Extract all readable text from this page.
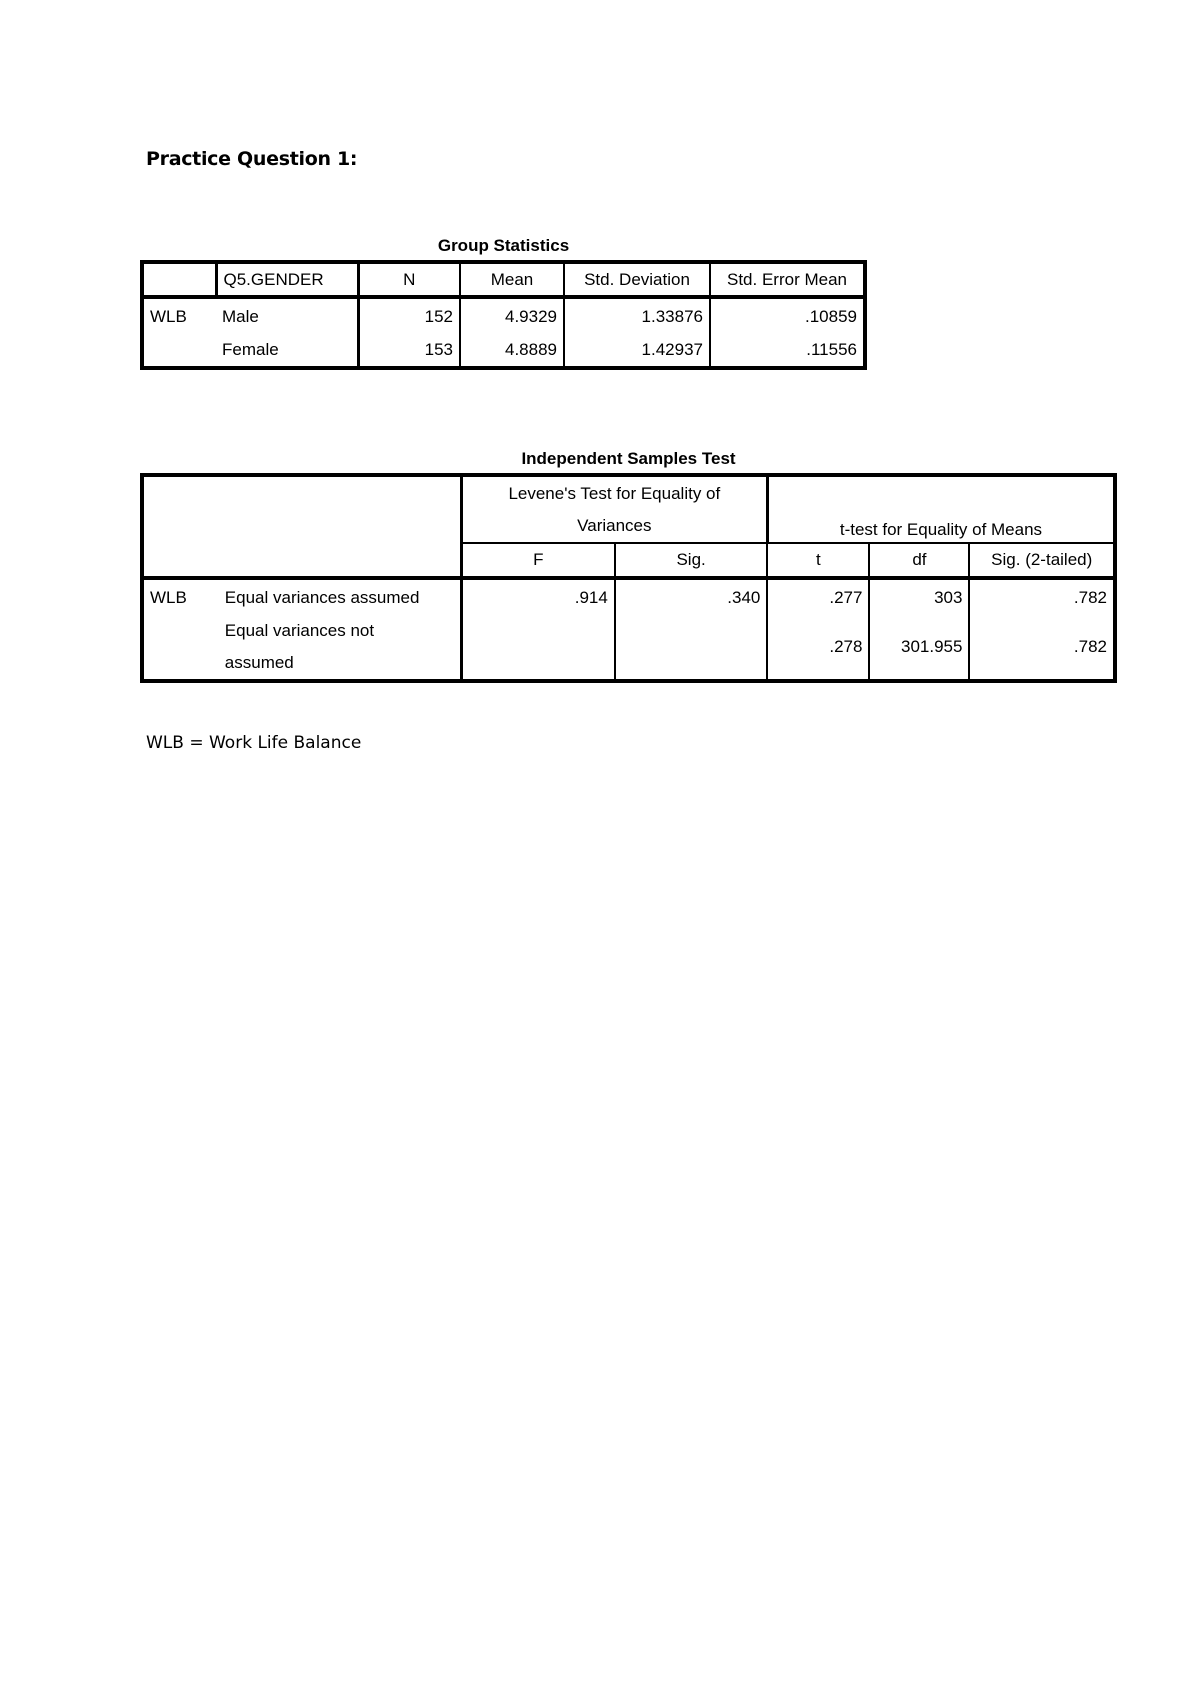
Practice Question 1:
Group Statistics
	Q5.GENDER	N	Mean	Std. Deviation	Std. Error Mean
WLB	Male	152	4.9329	1.33876	.10859
	Female	153	4.8889	1.42937	.11556
Independent Samples Test
		Levene's Test for Equality of Variances		t-test for Equality of Means		
		F	Sig.	t	df	Sig. (2-tailed)
WLB	Equal variances assumed	.914	.340	.277	303	.782
	Equal variances not assumed			.278	301.955	.782
WLB = Work Life Balance
